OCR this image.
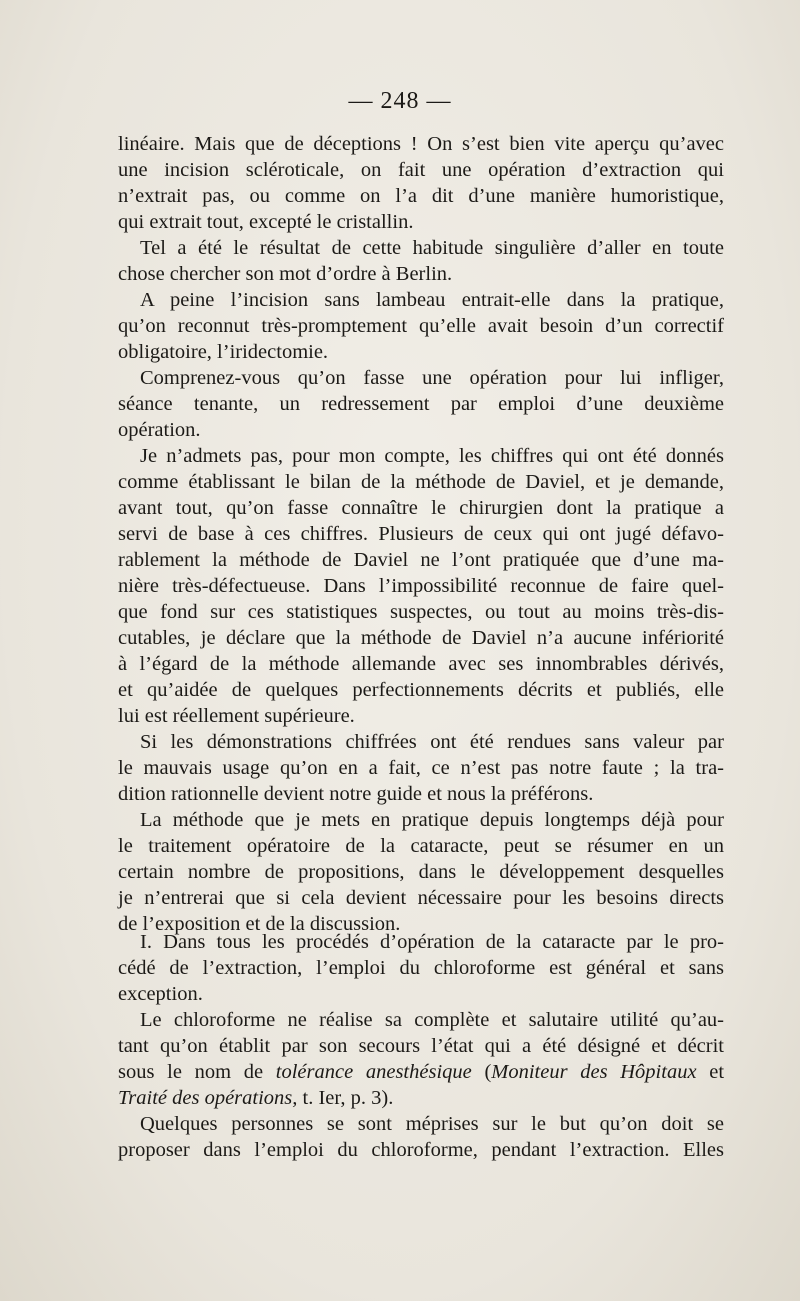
— 248 —
linéaire. Mais que de déceptions ! On s’est bien vite aperçu qu’avec
une incision scléroticale, on fait une opération d’extraction qui
n’extrait pas, ou comme on l’a dit d’une manière humoristique,
qui extrait tout, excepté le cristallin.
Tel a été le résultat de cette habitude singulière d’aller en toute
chose chercher son mot d’ordre à Berlin.
A peine l’incision sans lambeau entrait-elle dans la pratique,
qu’on reconnut très-promptement qu’elle avait besoin d’un correctif
obligatoire, l’iridectomie.
Comprenez-vous qu’on fasse une opération pour lui infliger,
séance tenante, un redressement par emploi d’une deuxième
opération.
Je n’admets pas, pour mon compte, les chiffres qui ont été donnés
comme établissant le bilan de la méthode de Daviel, et je demande,
avant tout, qu’on fasse connaître le chirurgien dont la pratique a
servi de base à ces chiffres. Plusieurs de ceux qui ont jugé défavo-
rablement la méthode de Daviel ne l’ont pratiquée que d’une ma-
nière très-défectueuse. Dans l’impossibilité reconnue de faire quel-
que fond sur ces statistiques suspectes, ou tout au moins très-dis-
cutables, je déclare que la méthode de Daviel n’a aucune infériorité
à l’égard de la méthode allemande avec ses innombrables dérivés,
et qu’aidée de quelques perfectionnements décrits et publiés, elle
lui est réellement supérieure.
Si les démonstrations chiffrées ont été rendues sans valeur par
le mauvais usage qu’on en a fait, ce n’est pas notre faute ; la tra-
dition rationnelle devient notre guide et nous la préférons.
La méthode que je mets en pratique depuis longtemps déjà pour
le traitement opératoire de la cataracte, peut se résumer en un
certain nombre de propositions, dans le développement desquelles
je n’entrerai que si cela devient nécessaire pour les besoins directs
de l’exposition et de la discussion.
I. Dans tous les procédés d’opération de la cataracte par le pro-
cédé de l’extraction, l’emploi du chloroforme est général et sans
exception.
Le chloroforme ne réalise sa complète et salutaire utilité qu’au-
tant qu’on établit par son secours l’état qui a été désigné et décrit
sous le nom de tolérance anesthésique (Moniteur des Hôpitaux et
Traité des opérations, t. Ier, p. 3).
Quelques personnes se sont méprises sur le but qu’on doit se
proposer dans l’emploi du chloroforme, pendant l’extraction. Elles
